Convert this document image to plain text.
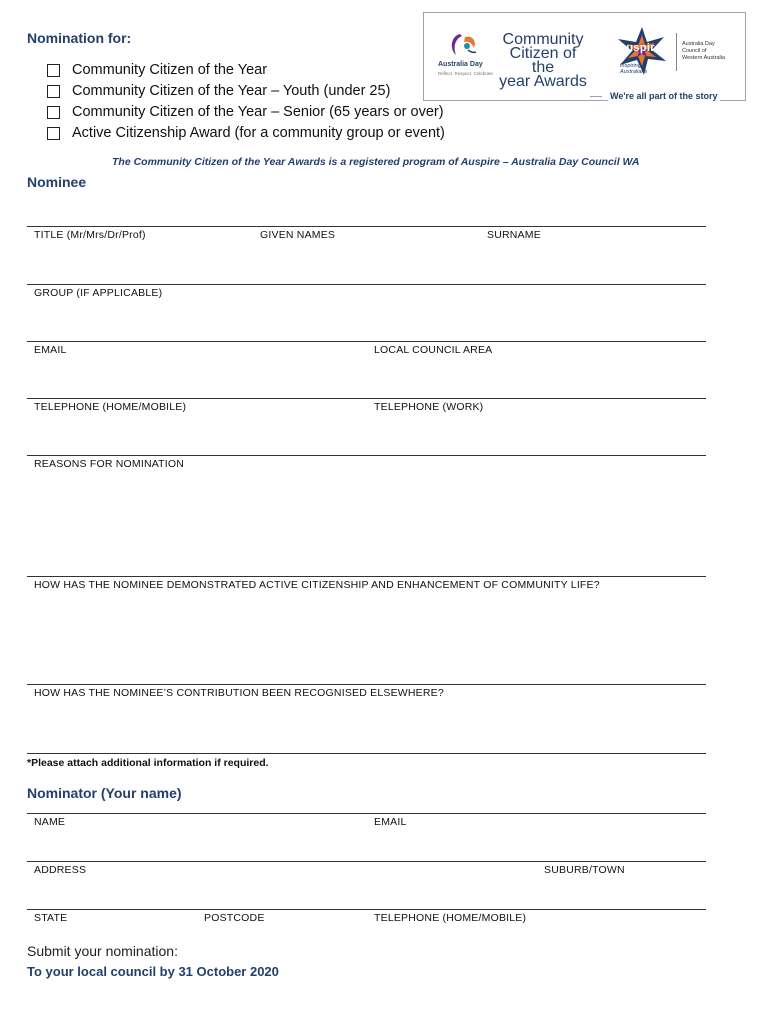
Nomination for:
Community Citizen of the Year
Community Citizen of the Year – Youth (under 25)
Community Citizen of the Year – Senior (65 years or over)
Active Citizenship Award (for a community group or event)
Australia Day
Reflect. Respect. Celebrate.
Community
Citizen of the
year Awards
auspire
Inspiring
Australians
Australia Day
Council of
Western Australia
We're all part of the story
The Community Citizen of the Year Awards is a registered program of Auspire – Australia Day Council WA
Nominee
TITLE (Mr/Mrs/Dr/Prof)	GIVEN NAMES	SURNAME
GROUP (IF APPLICABLE)
EMAIL	LOCAL COUNCIL AREA
TELEPHONE (HOME/MOBILE)	TELEPHONE (WORK)
REASONS FOR NOMINATION
HOW HAS THE NOMINEE DEMONSTRATED ACTIVE CITIZENSHIP AND ENHANCEMENT OF COMMUNITY LIFE?
HOW HAS THE NOMINEE’S CONTRIBUTION BEEN RECOGNISED ELSEWHERE?
*Please attach additional information if required.
Nominator (Your name)
NAME	EMAIL
ADDRESS	SUBURB/TOWN
STATE	POSTCODE	TELEPHONE (HOME/MOBILE)
Submit your nomination:
To your local council by 31 October 2020
